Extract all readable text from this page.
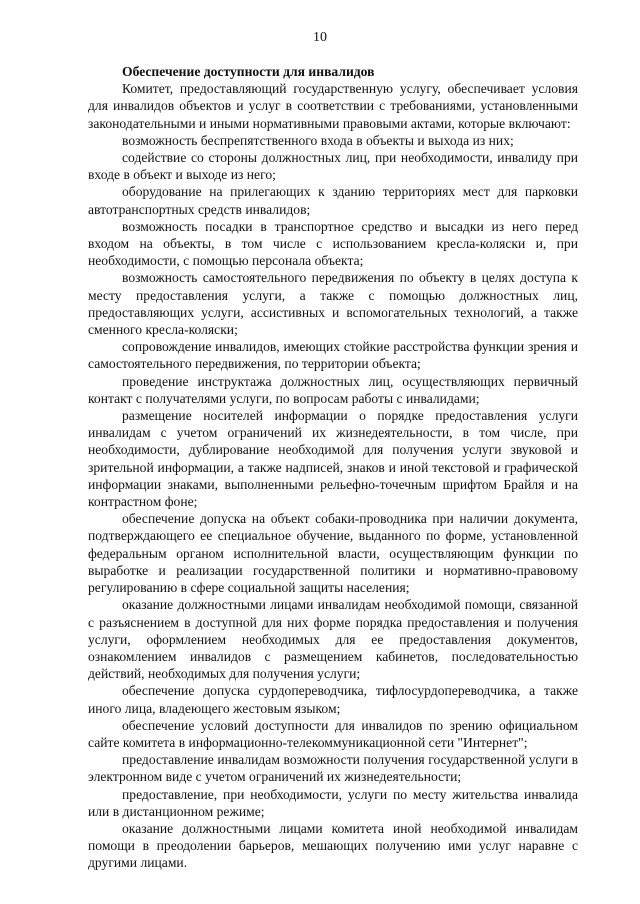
10

Обеспечение доступности для инвалидов

Комитет, предоставляющий государственную услугу, обеспечивает условия для инвалидов объектов и услуг в соответствии с требованиями, установленными законодательными и иными нормативными правовыми актами, которые включают:

возможность беспрепятственного входа в объекты и выхода из них;

содействие со стороны должностных лиц, при необходимости, инвалиду при входе в объект и выходе из него;

оборудование на прилегающих к зданию территориях мест для парковки автотранспортных средств инвалидов;

возможность посадки в транспортное средство и высадки из него перед входом на объекты, в том числе с использованием кресла-коляски и, при необходимости, с помощью персонала объекта;

возможность самостоятельного передвижения по объекту в целях доступа к месту предоставления услуги, а также с помощью должностных лиц, предоставляющих услуги, ассистивных и вспомогательных технологий, а также сменного кресла-коляски;

сопровождение инвалидов, имеющих стойкие расстройства функции зрения и самостоятельного передвижения, по территории объекта;

проведение инструктажа должностных лиц, осуществляющих первичный контакт с получателями услуги, по вопросам работы с инвалидами;

размещение носителей информации о порядке предоставления услуги инвалидам с учетом ограничений их жизнедеятельности, в том числе, при необходимости, дублирование необходимой для получения услуги звуковой и зрительной информации, а также надписей, знаков и иной текстовой и графической информации знаками, выполненными рельефно-точечным шрифтом Брайля и на контрастном фоне;

обеспечение допуска на объект собаки-проводника при наличии документа, подтверждающего ее специальное обучение, выданного по форме, установленной федеральным органом исполнительной власти, осуществляющим функции по выработке и реализации государственной политики и нормативно-правовому регулированию в сфере социальной защиты населения;

оказание должностными лицами инвалидам необходимой помощи, связанной с разъяснением в доступной для них форме порядка предоставления и получения услуги, оформлением необходимых для ее предоставления документов, ознакомлением инвалидов с размещением кабинетов, последовательностью действий, необходимых для получения услуги;

обеспечение допуска сурдопереводчика, тифлосурдопереводчика, а также иного лица, владеющего жестовым языком;

обеспечение условий доступности для инвалидов по зрению официальном сайте комитета в информационно-телекоммуникационной сети "Интернет";

предоставление инвалидам возможности получения государственной услуги в электронном виде с учетом ограничений их жизнедеятельности;

предоставление, при необходимости, услуги по месту жительства инвалида или в дистанционном режиме;

оказание должностными лицами комитета иной необходимой инвалидам помощи в преодолении барьеров, мешающих получению ими услуг наравне с другими лицами.
